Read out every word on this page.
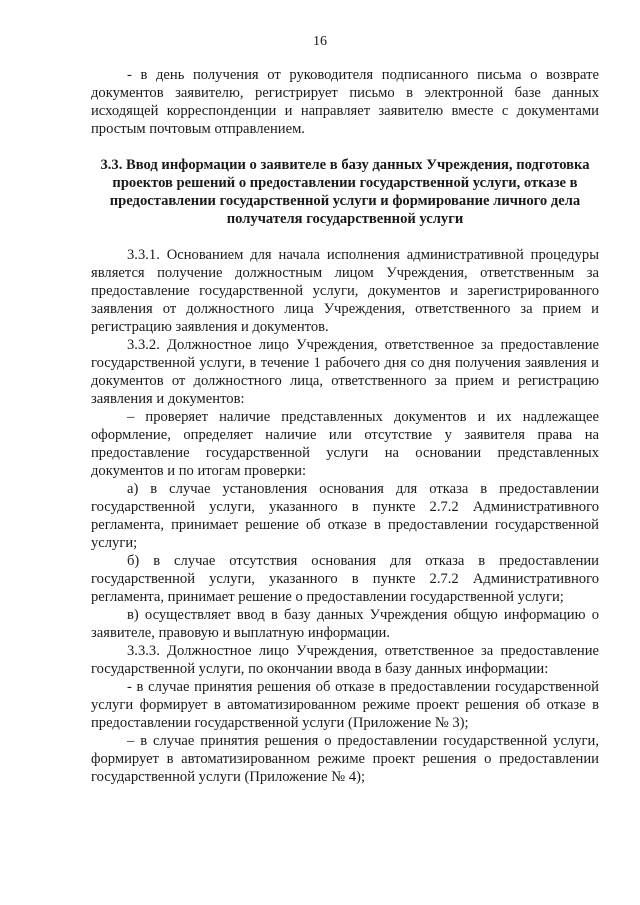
16

- в день получения от руководителя подписанного письма о возврате документов заявителю, регистрирует письмо в электронной базе данных исходящей корреспонденции и направляет заявителю вместе с документами простым почтовым отправлением.

3.3. Ввод информации о заявителе в базу данных Учреждения, подготовка проектов решений о предоставлении государственной услуги, отказе в предоставлении государственной услуги и формирование личного дела получателя государственной услуги

3.3.1. Основанием для начала исполнения административной процедуры является получение должностным лицом Учреждения, ответственным за предоставление государственной услуги, документов и зарегистрированного заявления от должностного лица Учреждения, ответственного за прием и регистрацию заявления и документов.

3.3.2. Должностное лицо Учреждения, ответственное за предоставление государственной услуги, в течение 1 рабочего дня со дня получения заявления и документов от должностного лица, ответственного за прием и регистрацию заявления и документов:

– проверяет наличие представленных документов и их надлежащее оформление, определяет наличие или отсутствие у заявителя права на предоставление государственной услуги на основании представленных документов и по итогам проверки:

а) в случае установления основания для отказа в предоставлении государственной услуги, указанного в пункте 2.7.2 Административного регламента, принимает решение об отказе в предоставлении государственной услуги;

б) в случае отсутствия основания для отказа в предоставлении государственной услуги, указанного в пункте 2.7.2 Административного регламента, принимает решение о предоставлении государственной услуги;

в) осуществляет ввод в базу данных Учреждения общую информацию о заявителе, правовую и выплатную информации.

3.3.3. Должностное лицо Учреждения, ответственное за предоставление государственной услуги, по окончании ввода в базу данных информации:

- в случае принятия решения об отказе в предоставлении государственной услуги формирует в автоматизированном режиме проект решения об отказе в предоставлении государственной услуги (Приложение № 3);

– в случае принятия решения о предоставлении государственной услуги, формирует в автоматизированном режиме проект решения о предоставлении государственной услуги (Приложение № 4);
